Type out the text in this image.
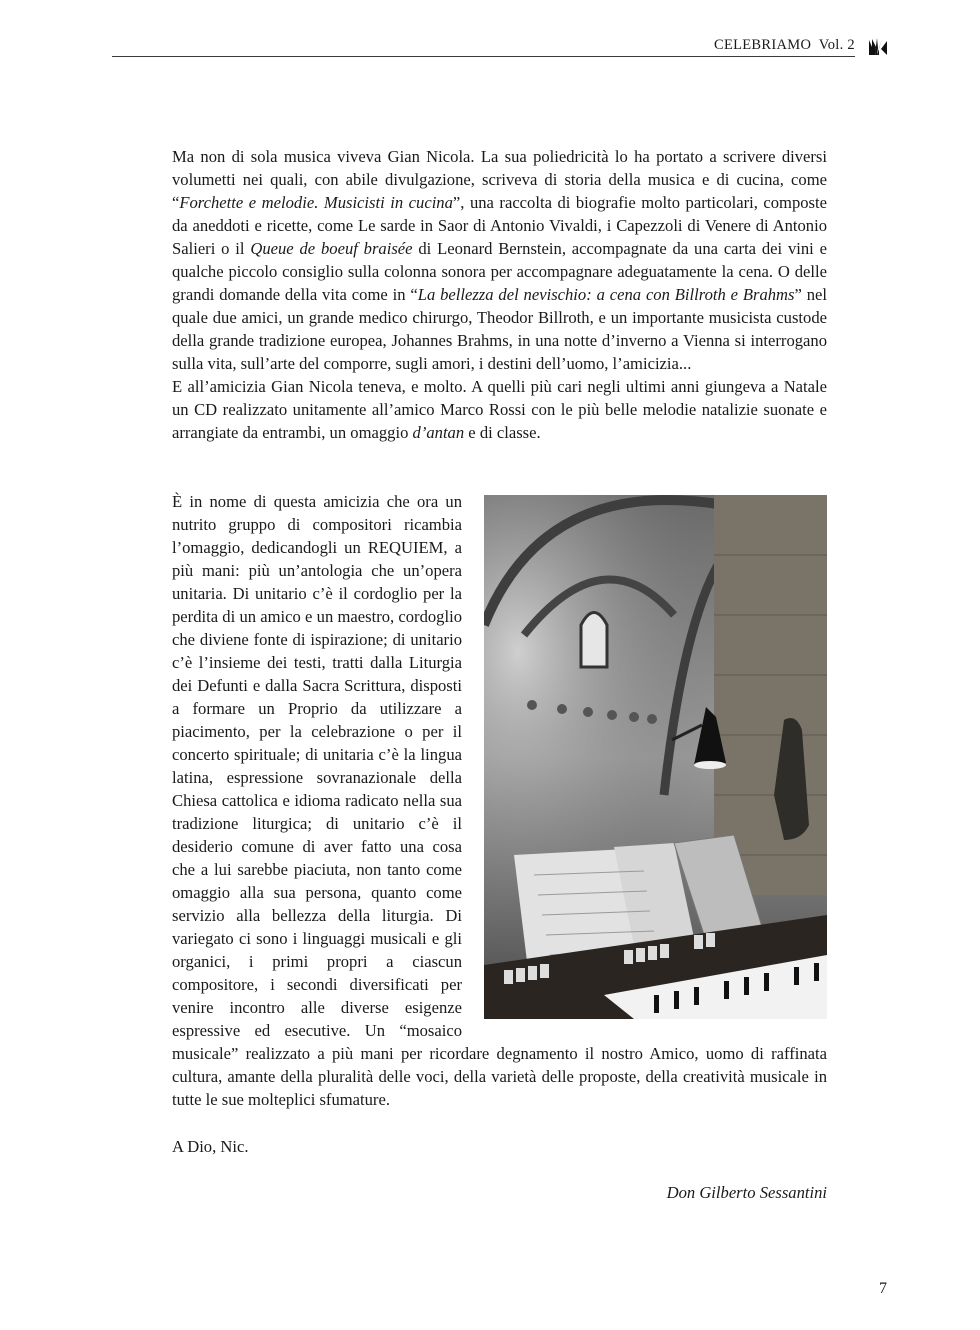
CELEBRIAMO  Vol. 2

Ma non di sola musica viveva Gian Nicola. La sua poliedricità lo ha portato a scrivere diversi volumetti nei quali, con abile divulgazione, scriveva di storia della musica e di cucina, come “Forchette e melodie. Musicisti in cucina”, una raccolta di biografie molto particolari, composte da aneddoti e ricette, come Le sarde in Saor di Antonio Vivaldi, i Capezzoli di Venere di Antonio Salieri o il Queue de boeuf braisée di Leonard Bernstein, accompagnate da una carta dei vini e qualche piccolo consiglio sulla colonna sonora per accompagnare adeguatamente la cena. O delle grandi domande della vita come in “La bellezza del nevischio: a cena con Billroth e Brahms” nel quale due amici, un grande medico chirurgo, Theodor Billroth, e un importante musicista custode della grande tradizione europea, Johannes Brahms, in una notte d’inverno a Vienna si interrogano sulla vita, sull’arte del comporre, sugli amori, i destini dell’uomo, l’amicizia...

E all’amicizia Gian Nicola teneva, e molto. A quelli più cari negli ultimi anni giungeva a Natale un CD realizzato unitamente all’amico Marco Rossi con le più belle melodie natalizie suonate e arrangiate da entrambi, un omaggio d’antan e di classe.

È in nome di questa amicizia che ora un nutrito gruppo di compositori ricambia l’omaggio, dedicandogli un REQUIEM, a più mani: più un’antologia che un’opera unitaria. Di unitario c’è il cordoglio per la perdita di un amico e un maestro, cordoglio che diviene fonte di ispirazione; di unitario c’è l’insieme dei testi, tratti dalla Liturgia dei Defunti e dalla Sacra Scrittura, disposti a formare un Proprio da utilizzare a piacimento, per la celebrazione o per il concerto spirituale; di unitaria c’è la lingua latina, espressione sovranazionale della Chiesa cattolica e idioma radicato nella sua tradizione liturgica; di unitario c’è il desiderio comune di aver fatto una cosa che a lui sarebbe piaciuta, non tanto come omaggio alla sua persona, quanto come servizio alla bellezza della liturgia. Di variegato ci sono i linguaggi musicali e gli organici, i primi propri a ciascun compositore, i secondi diversificati per venire incontro alle diverse esigenze espressive ed esecutive. Un “mosaico musicale” realizzato a più mani per ricordare degnamento il nostro Amico, uomo di raffinata cultura, amante della pluralità delle voci, della varietà delle proposte, della creatività musicale in tutte le sue molteplici sfumature.
A Dio, Nic.
Don Gilberto Sessantini
7
